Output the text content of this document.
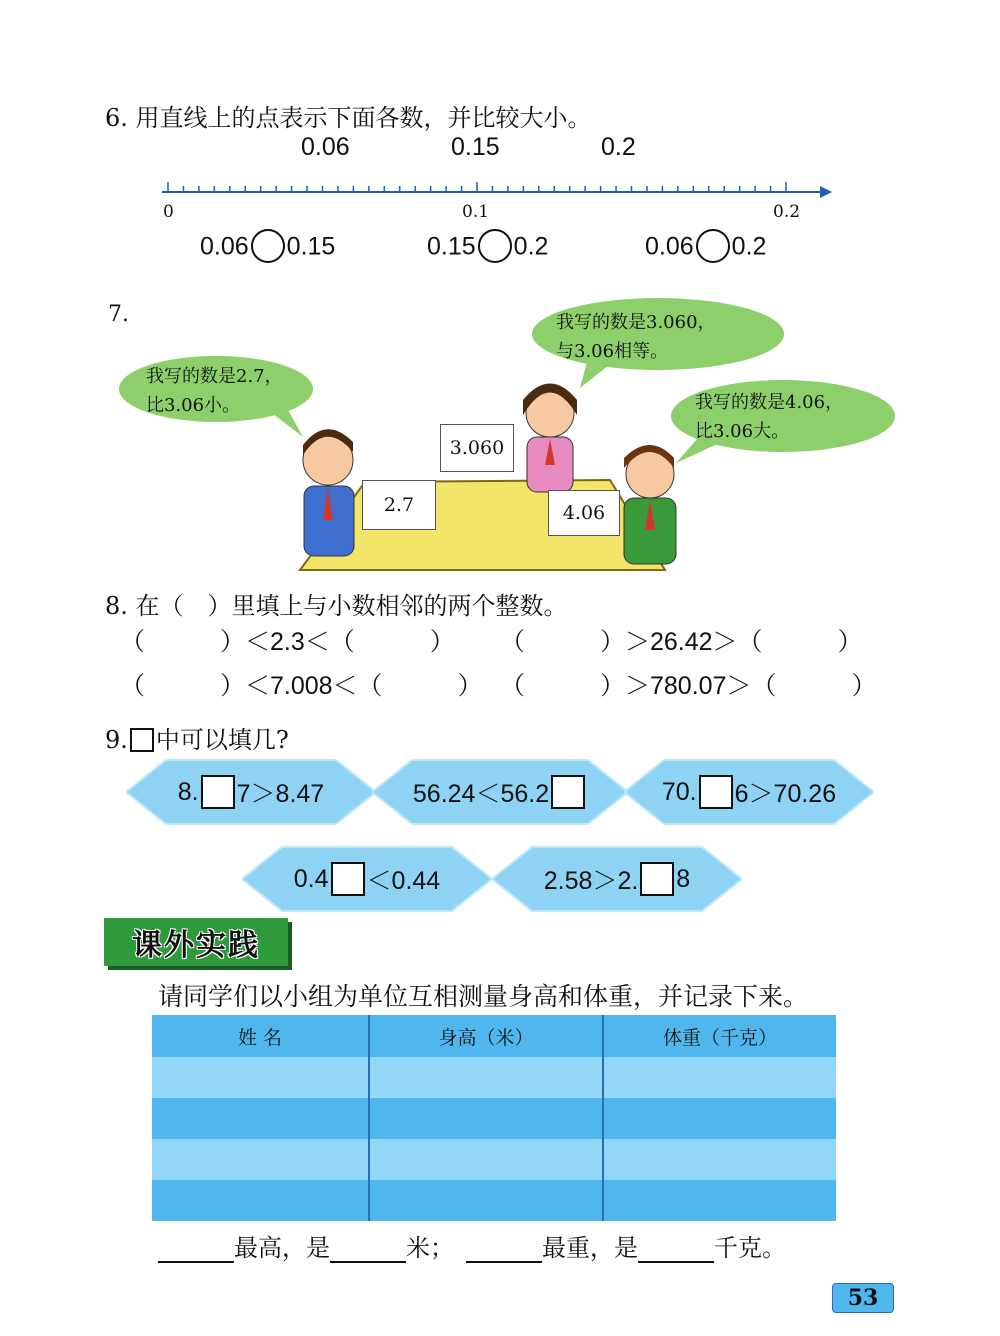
6. 用直线上的点表示下面各数，并比较大小。
0.06	0.15	0.2
0	0.1	0.2
0.06 0.15	0.15 0.2	0.06 0.2
7.
2.7
3.060
4.06
我写的数是2.7，
比3.06小。
我写的数是3.060，
与3.06相等。
我写的数是4.06，
比3.06大。
8. 在（　）里填上与小数相邻的两个整数。
（　　　）＜2.3＜（　　　） （　　　）＞26.42＞（　　　）
（　　　）＜7.008＜（　　　） （　　　）＞780.07＞（　　　）
9. 中可以填几?
8. 7＞8.47	56.24＜56.2	70. 6＞70.26
0.4 ＜0.44	2.58＞2. 8
课外实践
请同学们以小组为单位互相测量身高和体重，并记录下来。
姓 名	身高（米）	体重（千克）

最高，是	米；	最重，是	千克。
53
